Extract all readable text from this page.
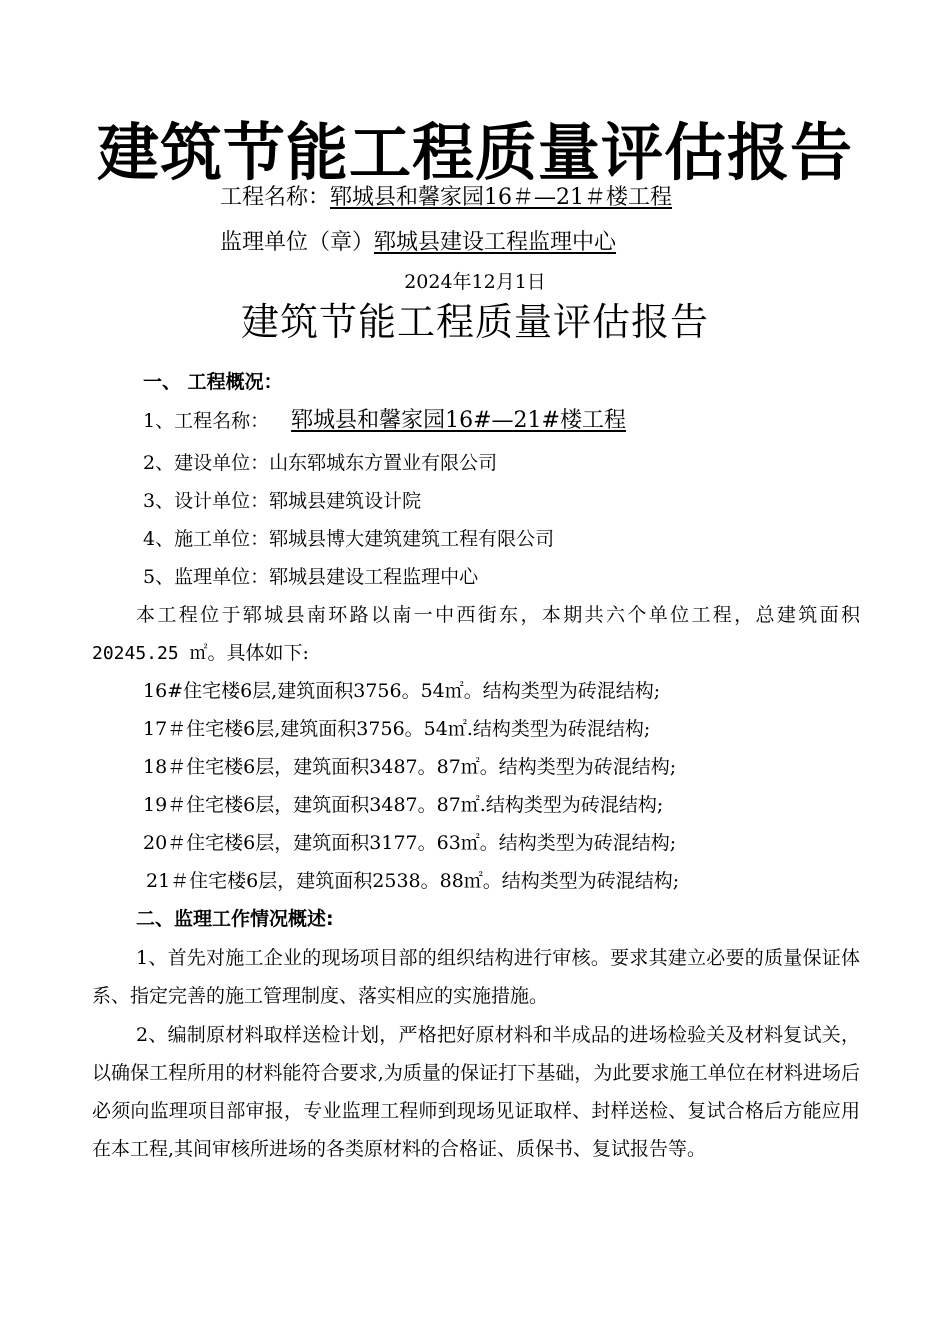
建筑节能工程质量评估报告
工程名称：郓城县和馨家园16＃—21＃楼工程
监理单位（章）郓城县建设工程监理中心
2024年12月1日
建筑节能工程质量评估报告
一、 工程概况：
1、工程名称： 郓城县和馨家园16#—21#楼工程
2、建设单位：山东郓城东方置业有限公司
3、设计单位：郓城县建筑设计院
4、施工单位：郓城县博大建筑建筑工程有限公司
5、监理单位：郓城县建设工程监理中心
本工程位于郓城县南环路以南一中西街东，本期共六个单位工程，总建筑面积20245.25 ㎡。具体如下:
16#住宅楼6层,建筑面积3756。54㎡。结构类型为砖混结构;
17＃住宅楼6层,建筑面积3756。54㎡.结构类型为砖混结构;
18＃住宅楼6层，建筑面积3487。87㎡。结构类型为砖混结构;
19＃住宅楼6层，建筑面积3487。87㎡.结构类型为砖混结构;
20＃住宅楼6层，建筑面积3177。63㎡。结构类型为砖混结构;
21＃住宅楼6层，建筑面积2538。88㎡。结构类型为砖混结构;
二、监理工作情况概述:
1、首先对施工企业的现场项目部的组织结构进行审核。要求其建立必要的质量保证体系、指定完善的施工管理制度、落实相应的实施措施。
2、编制原材料取样送检计划，严格把好原材料和半成品的进场检验关及材料复试关，以确保工程所用的材料能符合要求,为质量的保证打下基础，为此要求施工单位在材料进场后必须向监理项目部审报，专业监理工程师到现场见证取样、封样送检、复试合格后方能应用在本工程,其间审核所进场的各类原材料的合格证、质保书、复试报告等。
